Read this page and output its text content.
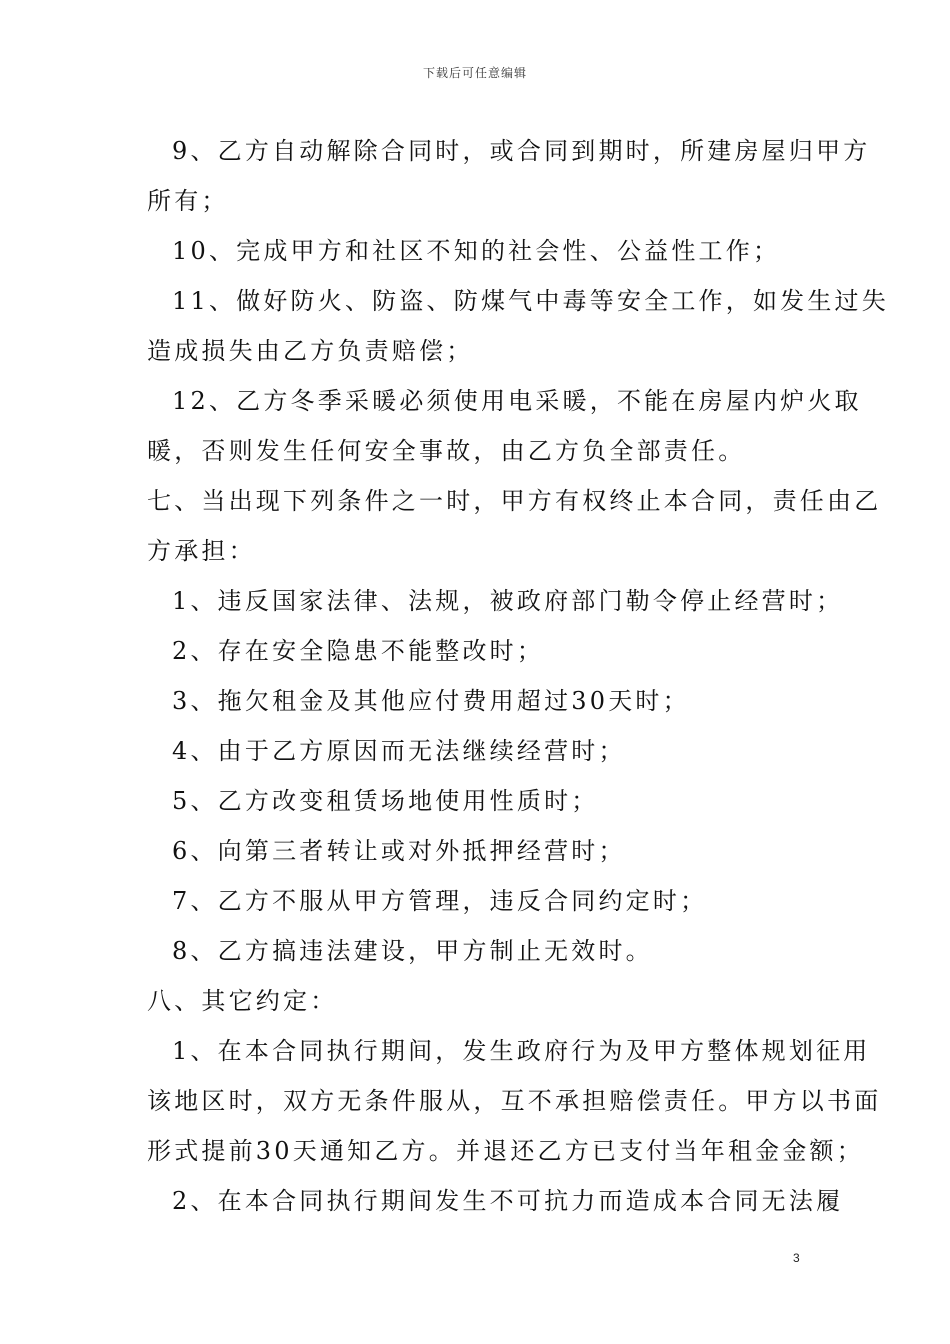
下载后可任意编辑
9、乙方自动解除合同时，或合同到期时，所建房屋归甲方
所有；
10、完成甲方和社区不知的社会性、公益性工作；
11、做好防火、防盗、防煤气中毒等安全工作，如发生过失
造成损失由乙方负责赔偿；
12、乙方冬季采暖必须使用电采暖，不能在房屋内炉火取
暖，否则发生任何安全事故，由乙方负全部责任。
七、当出现下列条件之一时，甲方有权终止本合同，责任由乙
方承担：
1、违反国家法律、法规，被政府部门勒令停止经营时；
2、存在安全隐患不能整改时；
3、拖欠租金及其他应付费用超过30天时；
4、由于乙方原因而无法继续经营时；
5、乙方改变租赁场地使用性质时；
6、向第三者转让或对外抵押经营时；
7、乙方不服从甲方管理，违反合同约定时；
8、乙方搞违法建设，甲方制止无效时。
八、其它约定：
1、在本合同执行期间，发生政府行为及甲方整体规划征用
该地区时，双方无条件服从，互不承担赔偿责任。甲方以书面
形式提前30天通知乙方。并退还乙方已支付当年租金金额；
2、在本合同执行期间发生不可抗力而造成本合同无法履
3
